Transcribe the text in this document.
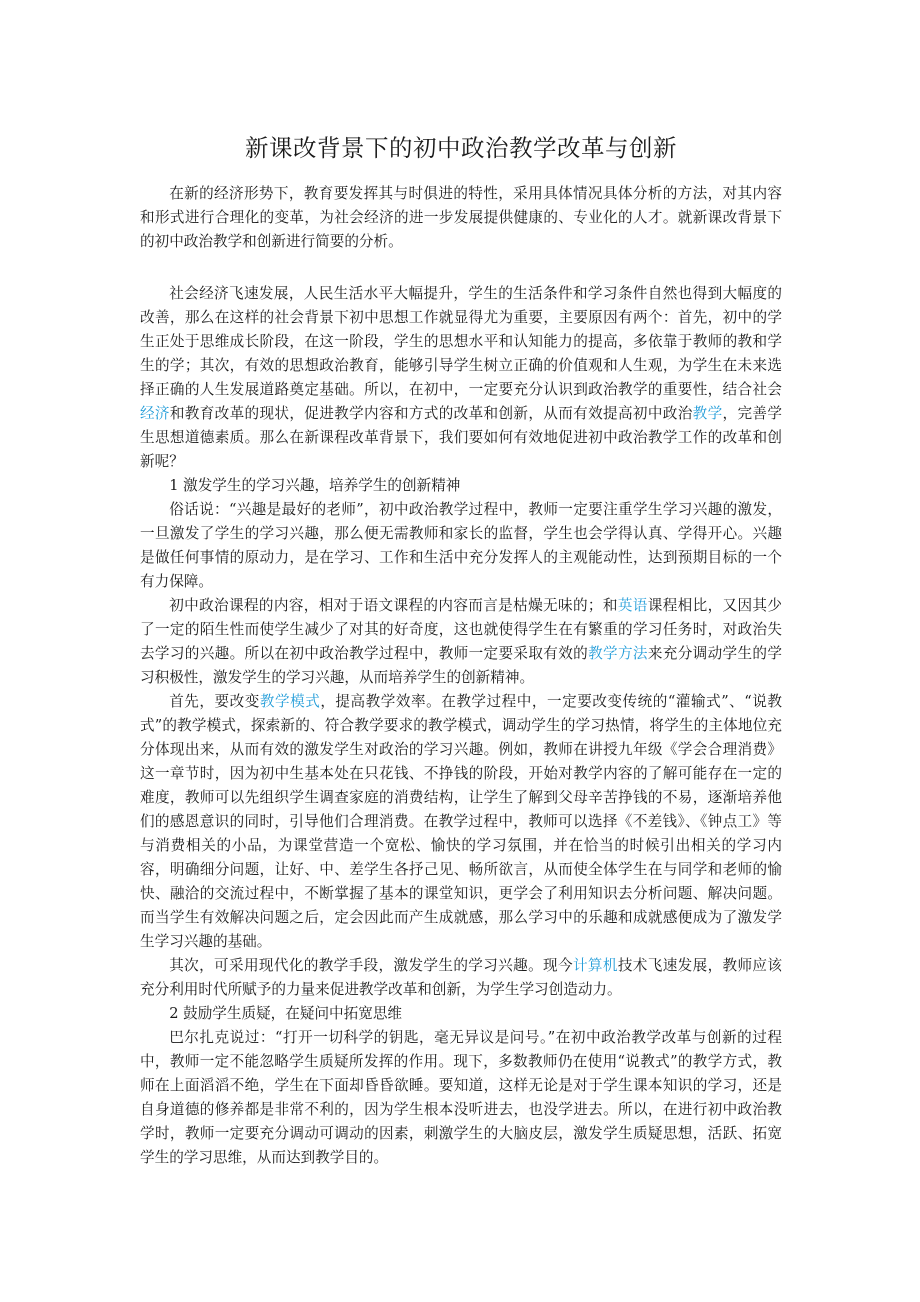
新课改背景下的初中政治教学改革与创新

在新的经济形势下，教育要发挥其与时俱进的特性，采用具体情况具体分析的方法，对其内容和形式进行合理化的变革，为社会经济的进一步发展提供健康的、专业化的人才。就新课改背景下的初中政治教学和创新进行简要的分析。

社会经济飞速发展，人民生活水平大幅提升，学生的生活条件和学习条件自然也得到大幅度的改善，那么在这样的社会背景下初中思想工作就显得尤为重要，主要原因有两个：首先，初中的学生正处于思维成长阶段，在这一阶段，学生的思想水平和认知能力的提高，多依靠于教师的教和学生的学；其次，有效的思想政治教育，能够引导学生树立正确的价值观和人生观，为学生在未来选择正确的人生发展道路奠定基础。所以，在初中，一定要充分认识到政治教学的重要性，结合社会经济和教育改革的现状，促进教学内容和方式的改革和创新，从而有效提高初中政治教学，完善学生思想道德素质。那么在新课程改革背景下，我们要如何有效地促进初中政治教学工作的改革和创新呢？

1 激发学生的学习兴趣，培养学生的创新精神

俗话说：“兴趣是最好的老师”，初中政治教学过程中，教师一定要注重学生学习兴趣的激发，一旦激发了学生的学习兴趣，那么便无需教师和家长的监督，学生也会学得认真、学得开心。兴趣是做任何事情的原动力，是在学习、工作和生活中充分发挥人的主观能动性，达到预期目标的一个有力保障。

初中政治课程的内容，相对于语文课程的内容而言是枯燥无味的；和英语课程相比，又因其少了一定的陌生性而使学生减少了对其的好奇度，这也就使得学生在有繁重的学习任务时，对政治失去学习的兴趣。所以在初中政治教学过程中，教师一定要采取有效的教学方法来充分调动学生的学习积极性，激发学生的学习兴趣，从而培养学生的创新精神。

首先，要改变教学模式，提高教学效率。在教学过程中，一定要改变传统的“灌输式”、“说教式”的教学模式，探索新的、符合教学要求的教学模式，调动学生的学习热情，将学生的主体地位充分体现出来，从而有效的激发学生对政治的学习兴趣。例如，教师在讲授九年级《学会合理消费》这一章节时，因为初中生基本处在只花钱、不挣钱的阶段，开始对教学内容的了解可能存在一定的难度，教师可以先组织学生调查家庭的消费结构，让学生了解到父母辛苦挣钱的不易，逐渐培养他们的感恩意识的同时，引导他们合理消费。在教学过程中，教师可以选择《不差钱》、《钟点工》等与消费相关的小品，为课堂营造一个宽松、愉快的学习氛围，并在恰当的时候引出相关的学习内容，明确细分问题，让好、中、差学生各抒己见、畅所欲言，从而使全体学生在与同学和老师的愉快、融洽的交流过程中，不断掌握了基本的课堂知识，更学会了利用知识去分析问题、解决问题。而当学生有效解决问题之后，定会因此而产生成就感，那么学习中的乐趣和成就感便成为了激发学生学习兴趣的基础。

其次，可采用现代化的教学手段，激发学生的学习兴趣。现今计算机技术飞速发展，教师应该充分利用时代所赋予的力量来促进教学改革和创新，为学生学习创造动力。

2 鼓励学生质疑，在疑问中拓宽思维

巴尔扎克说过：“打开一切科学的钥匙，毫无异议是问号。”在初中政治教学改革与创新的过程中，教师一定不能忽略学生质疑所发挥的作用。现下，多数教师仍在使用“说教式”的教学方式，教师在上面滔滔不绝，学生在下面却昏昏欲睡。要知道，这样无论是对于学生课本知识的学习，还是自身道德的修养都是非常不利的，因为学生根本没听进去，也没学进去。所以，在进行初中政治教学时，教师一定要充分调动可调动的因素，刺激学生的大脑皮层，激发学生质疑思想，活跃、拓宽学生的学习思维，从而达到教学目的。
